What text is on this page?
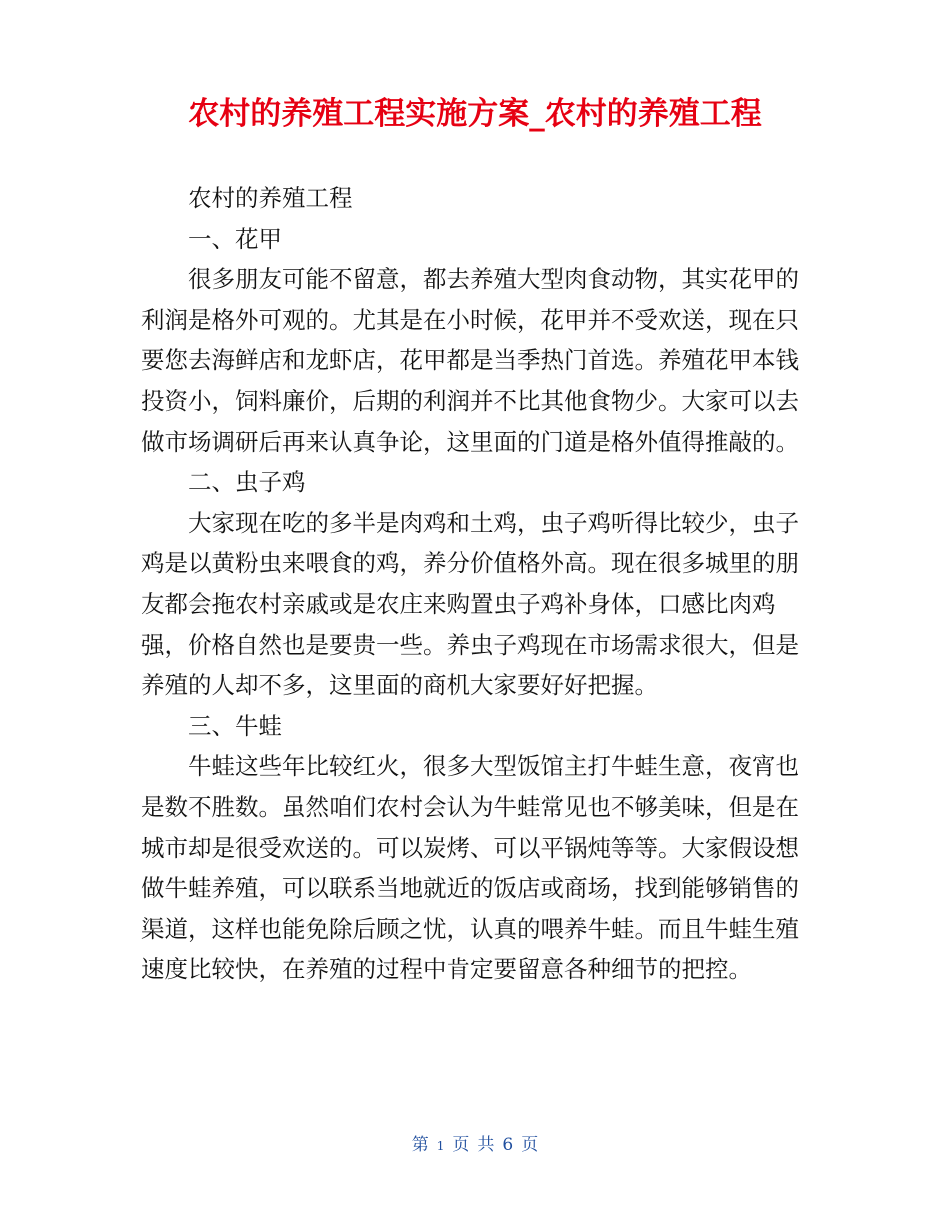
农村的养殖工程实施方案_农村的养殖工程
农村的养殖工程
一、花甲
很多朋友可能不留意，都去养殖大型肉食动物，其实花甲的
利润是格外可观的。尤其是在小时候，花甲并不受欢送，现在只
要您去海鲜店和龙虾店，花甲都是当季热门首选。养殖花甲本钱
投资小，饲料廉价，后期的利润并不比其他食物少。大家可以去
做市场调研后再来认真争论，这里面的门道是格外值得推敲的。
二、虫子鸡
大家现在吃的多半是肉鸡和土鸡，虫子鸡听得比较少，虫子
鸡是以黄粉虫来喂食的鸡，养分价值格外高。现在很多城里的朋
友都会拖农村亲戚或是农庄来购置虫子鸡补身体，口感比肉鸡
强，价格自然也是要贵一些。养虫子鸡现在市场需求很大，但是
养殖的人却不多，这里面的商机大家要好好把握。
三、牛蛙
牛蛙这些年比较红火，很多大型饭馆主打牛蛙生意，夜宵也
是数不胜数。虽然咱们农村会认为牛蛙常见也不够美味，但是在
城市却是很受欢送的。可以炭烤、可以平锅炖等等。大家假设想
做牛蛙养殖，可以联系当地就近的饭店或商场，找到能够销售的
渠道，这样也能免除后顾之忧，认真的喂养牛蛙。而且牛蛙生殖
速度比较快，在养殖的过程中肯定要留意各种细节的把控。
第 1 页 共 6 页
